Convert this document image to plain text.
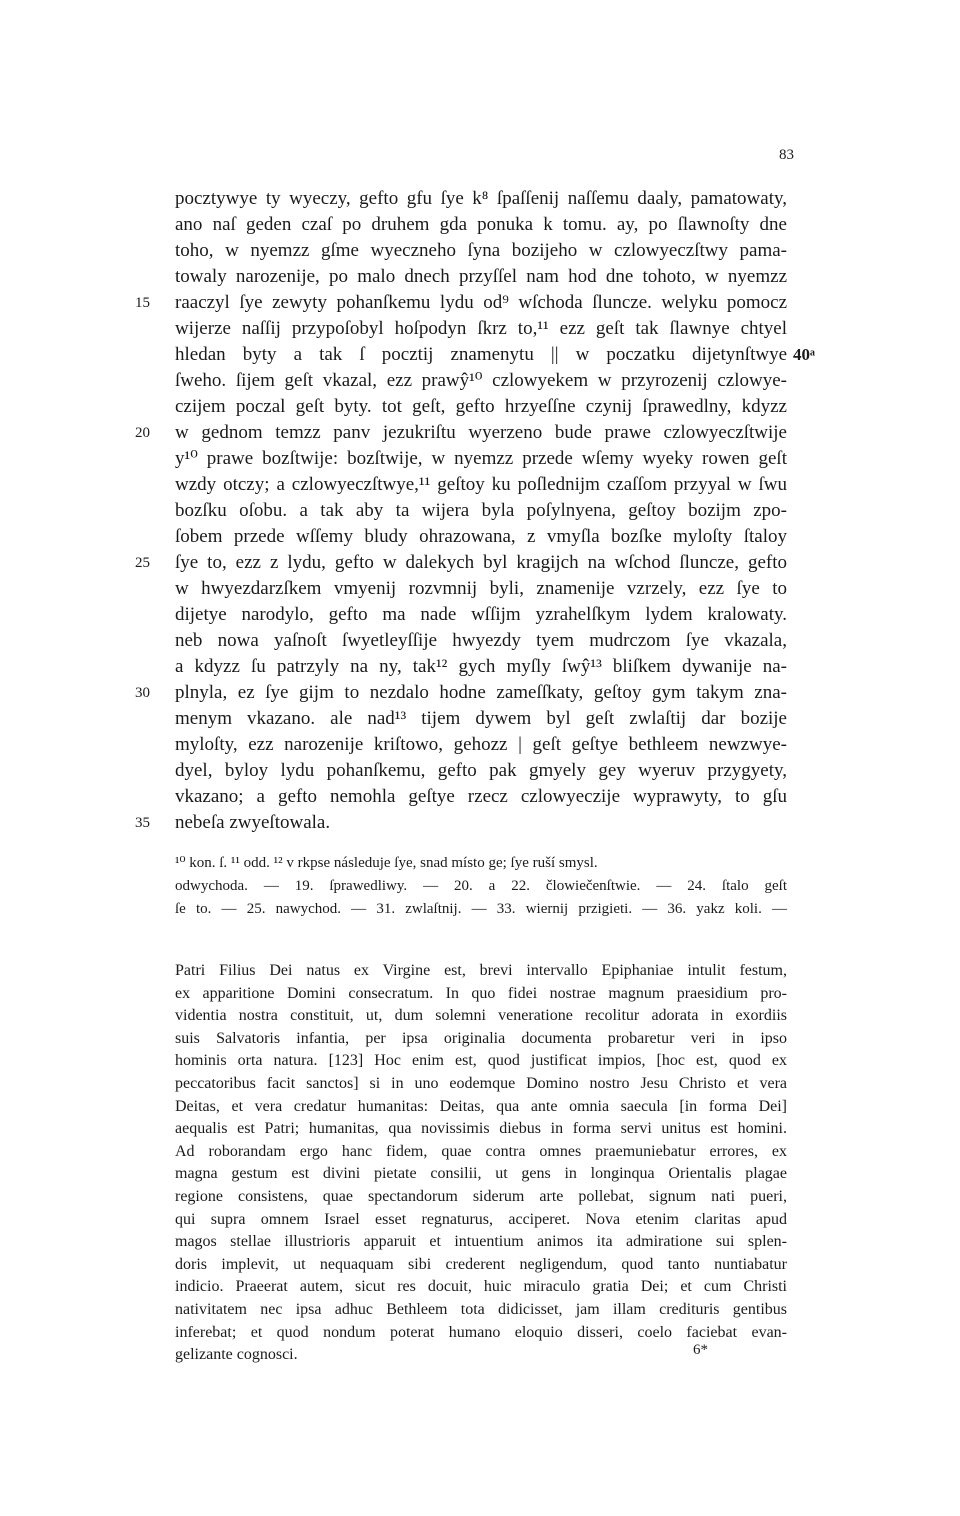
83
pocztywye ty wyeczy, gefto gfu ſye k⁸ ſpaſſenij naſſemu daaly, pamatowaty,
ano naſ geden czaſ po druhem gda ponuka k tomu. ay, po ſlawnoſty dne
toho, w nyemzz gſme wyeczneho ſyna bozijeho w czlowyeczſtwy pama-
towaly narozenije, po malo dnech przyſſel nam hod dne tohoto, w nyemzz
15	raaczyl ſye zewyty pohanſkemu lydu od⁹ wſchoda ſluncze. welyku pomocz
wijerze naſſij przypoſobyl hoſpodyn ſkrz to,¹¹ ezz geſt tak ſlawnye chtyel
hledan byty a tak ſ pocztij znamenytu || w poczatku dijetynſtwye 40ᵃ
ſweho. ſijem geſt vkazal, ezz prawŷ¹⁰ czlowyekem w przyrozenij czlowye-
czijem poczal geſt byty. tot geſt, gefto hrzyeſſne czynij ſprawedlny, kdyzz
20	w gednom temzz panv jezukriſtu wyerzeno bude prawe czlowyeczſtwije
y¹⁰ prawe bozſtwije: bozſtwije, w nyemzz przede wſemy wyeky rowen geſt
wzdy otczy; a czlowyeczſtwye,¹¹ geſtoy ku poſlednijm czaſſom przyyal w ſwu
bozſku oſobu. a tak aby ta wijera byla poſylnyena, geſtoy bozijm zpo-
ſobem przede wſſemy bludy ohrazowana, z vmyſla bozſke myloſty ſtaloy
25	ſye to, ezz z lydu, gefto w dalekych byl kragijch na wſchod ſluncze, gefto
w hwyezdarzſkem vmyenij rozvmnij byli, znamenije vzrzely, ezz ſye to
dijetye narodylo, gefto ma nade wſſijm yzrahelſkym lydem kralowaty.
neb nowa yaſnoſt ſwyetleyſſije hwyezdy tyem mudrczom ſye vkazala,
a kdyzz ſu patrzyly na ny, tak¹² gych myſly ſwŷ¹³ bliſkem dywanije na-
30	plnyla, ez ſye gijm to nezdalo hodne zameſſkaty, geſtoy gym takym zna-
menym vkazano. ale nad¹³ tijem dywem byl geſt zwlaſtij dar bozije
myloſty, ezz narozenije kriſtowo, gehozz | geſt geſtye bethleem newzwye-
dyel, byloy lydu pohanſkemu, gefto pak gmyely gey wyeruv przygyety,
vkazano; a gefto nemohla geſtye rzecz czlowyeczije wyprawyty, to gſu
35	nebeſa zwyeſtowala.
¹⁰ kon. ſ. ¹¹ odd. ¹² v rkpse následuje ſye, snad místo ge; ſye ruší smysl.
odwychoda. — 19. ſprawedliwy. — 20. a 22. člowiečenſtwie. — 24. ſtalo geſt
ſe to. — 25. nawychod. — 31. zwlaſtnij. — 33. wiernij przigieti. — 36. yakz koli. —
Patri Filius Dei natus ex Virgine est, brevi intervallo Epiphaniae intulit festum,
ex apparitione Domini consecratum. In quo fidei nostrae magnum praesidium pro-
videntia nostra constituit, ut, dum solemni veneratione recolitur adorata in exordiis
suis Salvatoris infantia, per ipsa originalia documenta probaretur veri in ipso
hominis orta natura. [123] Hoc enim est, quod justificat impios, [hoc est, quod ex
peccatoribus facit sanctos] si in uno eodemque Domino nostro Jesu Christo et vera
Deitas, et vera credatur humanitas: Deitas, qua ante omnia saecula [in forma Dei]
aequalis est Patri; humanitas, qua novissimis diebus in forma servi unitus est homini.
Ad roborandam ergo hanc fidem, quae contra omnes praemuniebatur errores, ex
magna gestum est divini pietate consilii, ut gens in longinqua Orientalis plagae
regione consistens, quae spectandorum siderum arte pollebat, signum nati pueri,
qui supra omnem Israel esset regnaturus, acciperet. Nova etenim claritas apud
magos stellae illustrioris apparuit et intuentium animos ita admiratione sui splen-
doris implevit, ut nequaquam sibi crederent negligendum, quod tanto nuntiabatur
indicio. Praeerat autem, sicut res docuit, huic miraculo gratia Dei; et cum Christi
nativitatem nec ipsa adhuc Bethleem tota didicisset, jam illam credituris gentibus
inferebat; et quod nondum poterat humano eloquio disseri, coelo faciebat evan-
gelizante cognosci.	6*
